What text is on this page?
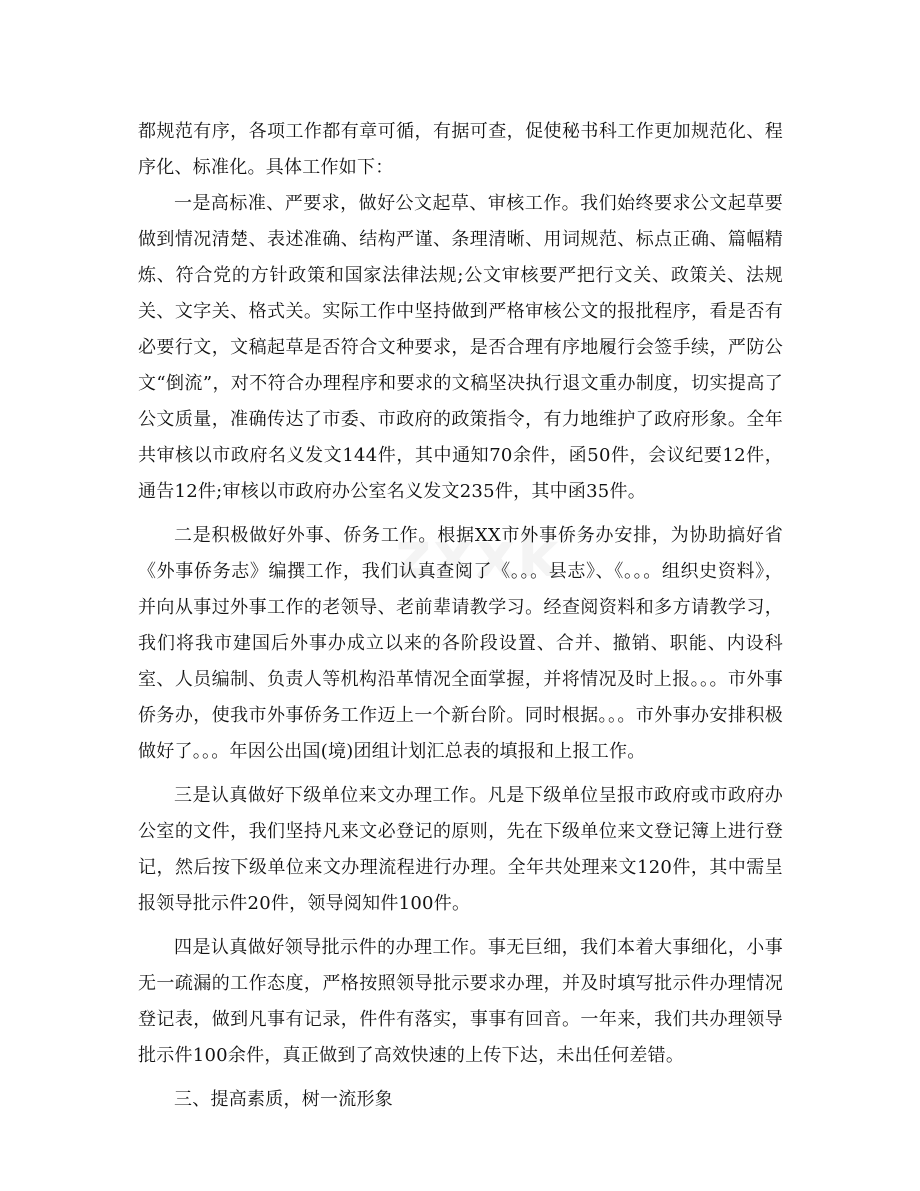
zxxk

都规范有序，各项工作都有章可循，有据可查，促使秘书科工作更加规范化、程序化、标准化。具体工作如下：

一是高标准、严要求，做好公文起草、审核工作。我们始终要求公文起草要做到情况清楚、表述准确、结构严谨、条理清晰、用词规范、标点正确、篇幅精炼、符合党的方针政策和国家法律法规;公文审核要严把行文关、政策关、法规关、文字关、格式关。实际工作中坚持做到严格审核公文的报批程序，看是否有必要行文，文稿起草是否符合文种要求，是否合理有序地履行会签手续，严防公文“倒流”，对不符合办理程序和要求的文稿坚决执行退文重办制度，切实提高了公文质量，准确传达了市委、市政府的政策指令，有力地维护了政府形象。全年共审核以市政府名义发文144件，其中通知70余件，函50件，会议纪要12件，通告12件;审核以市政府办公室名义发文235件，其中函35件。

二是积极做好外事、侨务工作。根据XX市外事侨务办安排，为协助搞好省《外事侨务志》编撰工作，我们认真查阅了《。。。县志》、《。。。组织史资料》，并向从事过外事工作的老领导、老前辈请教学习。经查阅资料和多方请教学习，我们将我市建国后外事办成立以来的各阶段设置、合并、撤销、职能、内设科室、人员编制、负责人等机构沿革情况全面掌握，并将情况及时上报。。。市外事侨务办，使我市外事侨务工作迈上一个新台阶。同时根据。。。市外事办安排积极做好了。。。年因公出国(境)团组计划汇总表的填报和上报工作。

三是认真做好下级单位来文办理工作。凡是下级单位呈报市政府或市政府办公室的文件，我们坚持凡来文必登记的原则，先在下级单位来文登记簿上进行登记，然后按下级单位来文办理流程进行办理。全年共处理来文120件，其中需呈报领导批示件20件，领导阅知件100件。

四是认真做好领导批示件的办理工作。事无巨细，我们本着大事细化，小事无一疏漏的工作态度，严格按照领导批示要求办理，并及时填写批示件办理情况登记表，做到凡事有记录，件件有落实，事事有回音。一年来，我们共办理领导批示件100余件，真正做到了高效快速的上传下达，未出任何差错。

三、提高素质，树一流形象
